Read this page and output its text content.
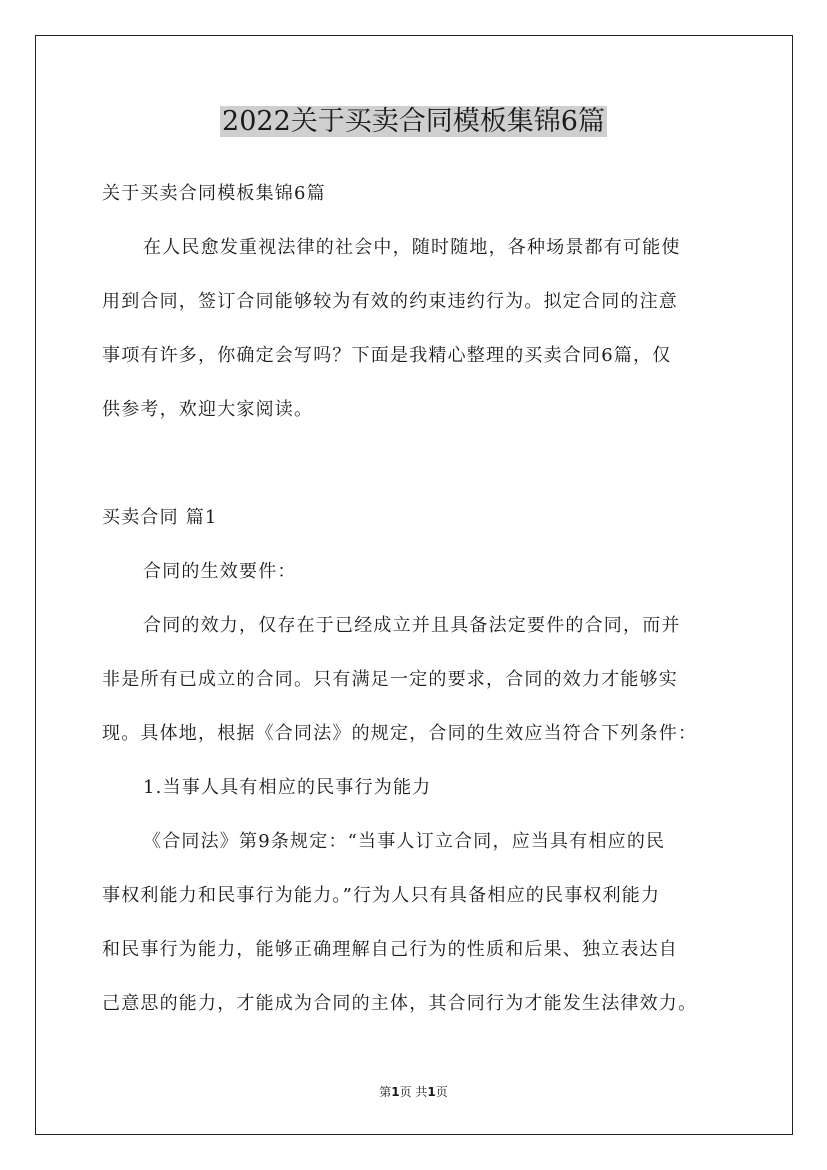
2022关于买卖合同模板集锦6篇
关于买卖合同模板集锦6篇
在人民愈发重视法律的社会中，随时随地，各种场景都有可能使
用到合同，签订合同能够较为有效的约束违约行为。拟定合同的注意
事项有许多，你确定会写吗？下面是我精心整理的买卖合同6篇，仅
供参考，欢迎大家阅读。
买卖合同 篇1
合同的生效要件：
合同的效力，仅存在于已经成立并且具备法定要件的合同，而并
非是所有已成立的合同。只有满足一定的要求，合同的效力才能够实
现。具体地，根据《合同法》的规定，合同的生效应当符合下列条件：
1.当事人具有相应的民事行为能力
《合同法》第9条规定：“当事人订立合同，应当具有相应的民
事权利能力和民事行为能力。”行为人只有具备相应的民事权利能力
和民事行为能力，能够正确理解自己行为的性质和后果、独立表达自
己意思的能力，才能成为合同的主体，其合同行为才能发生法律效力。
第1页 共1页
